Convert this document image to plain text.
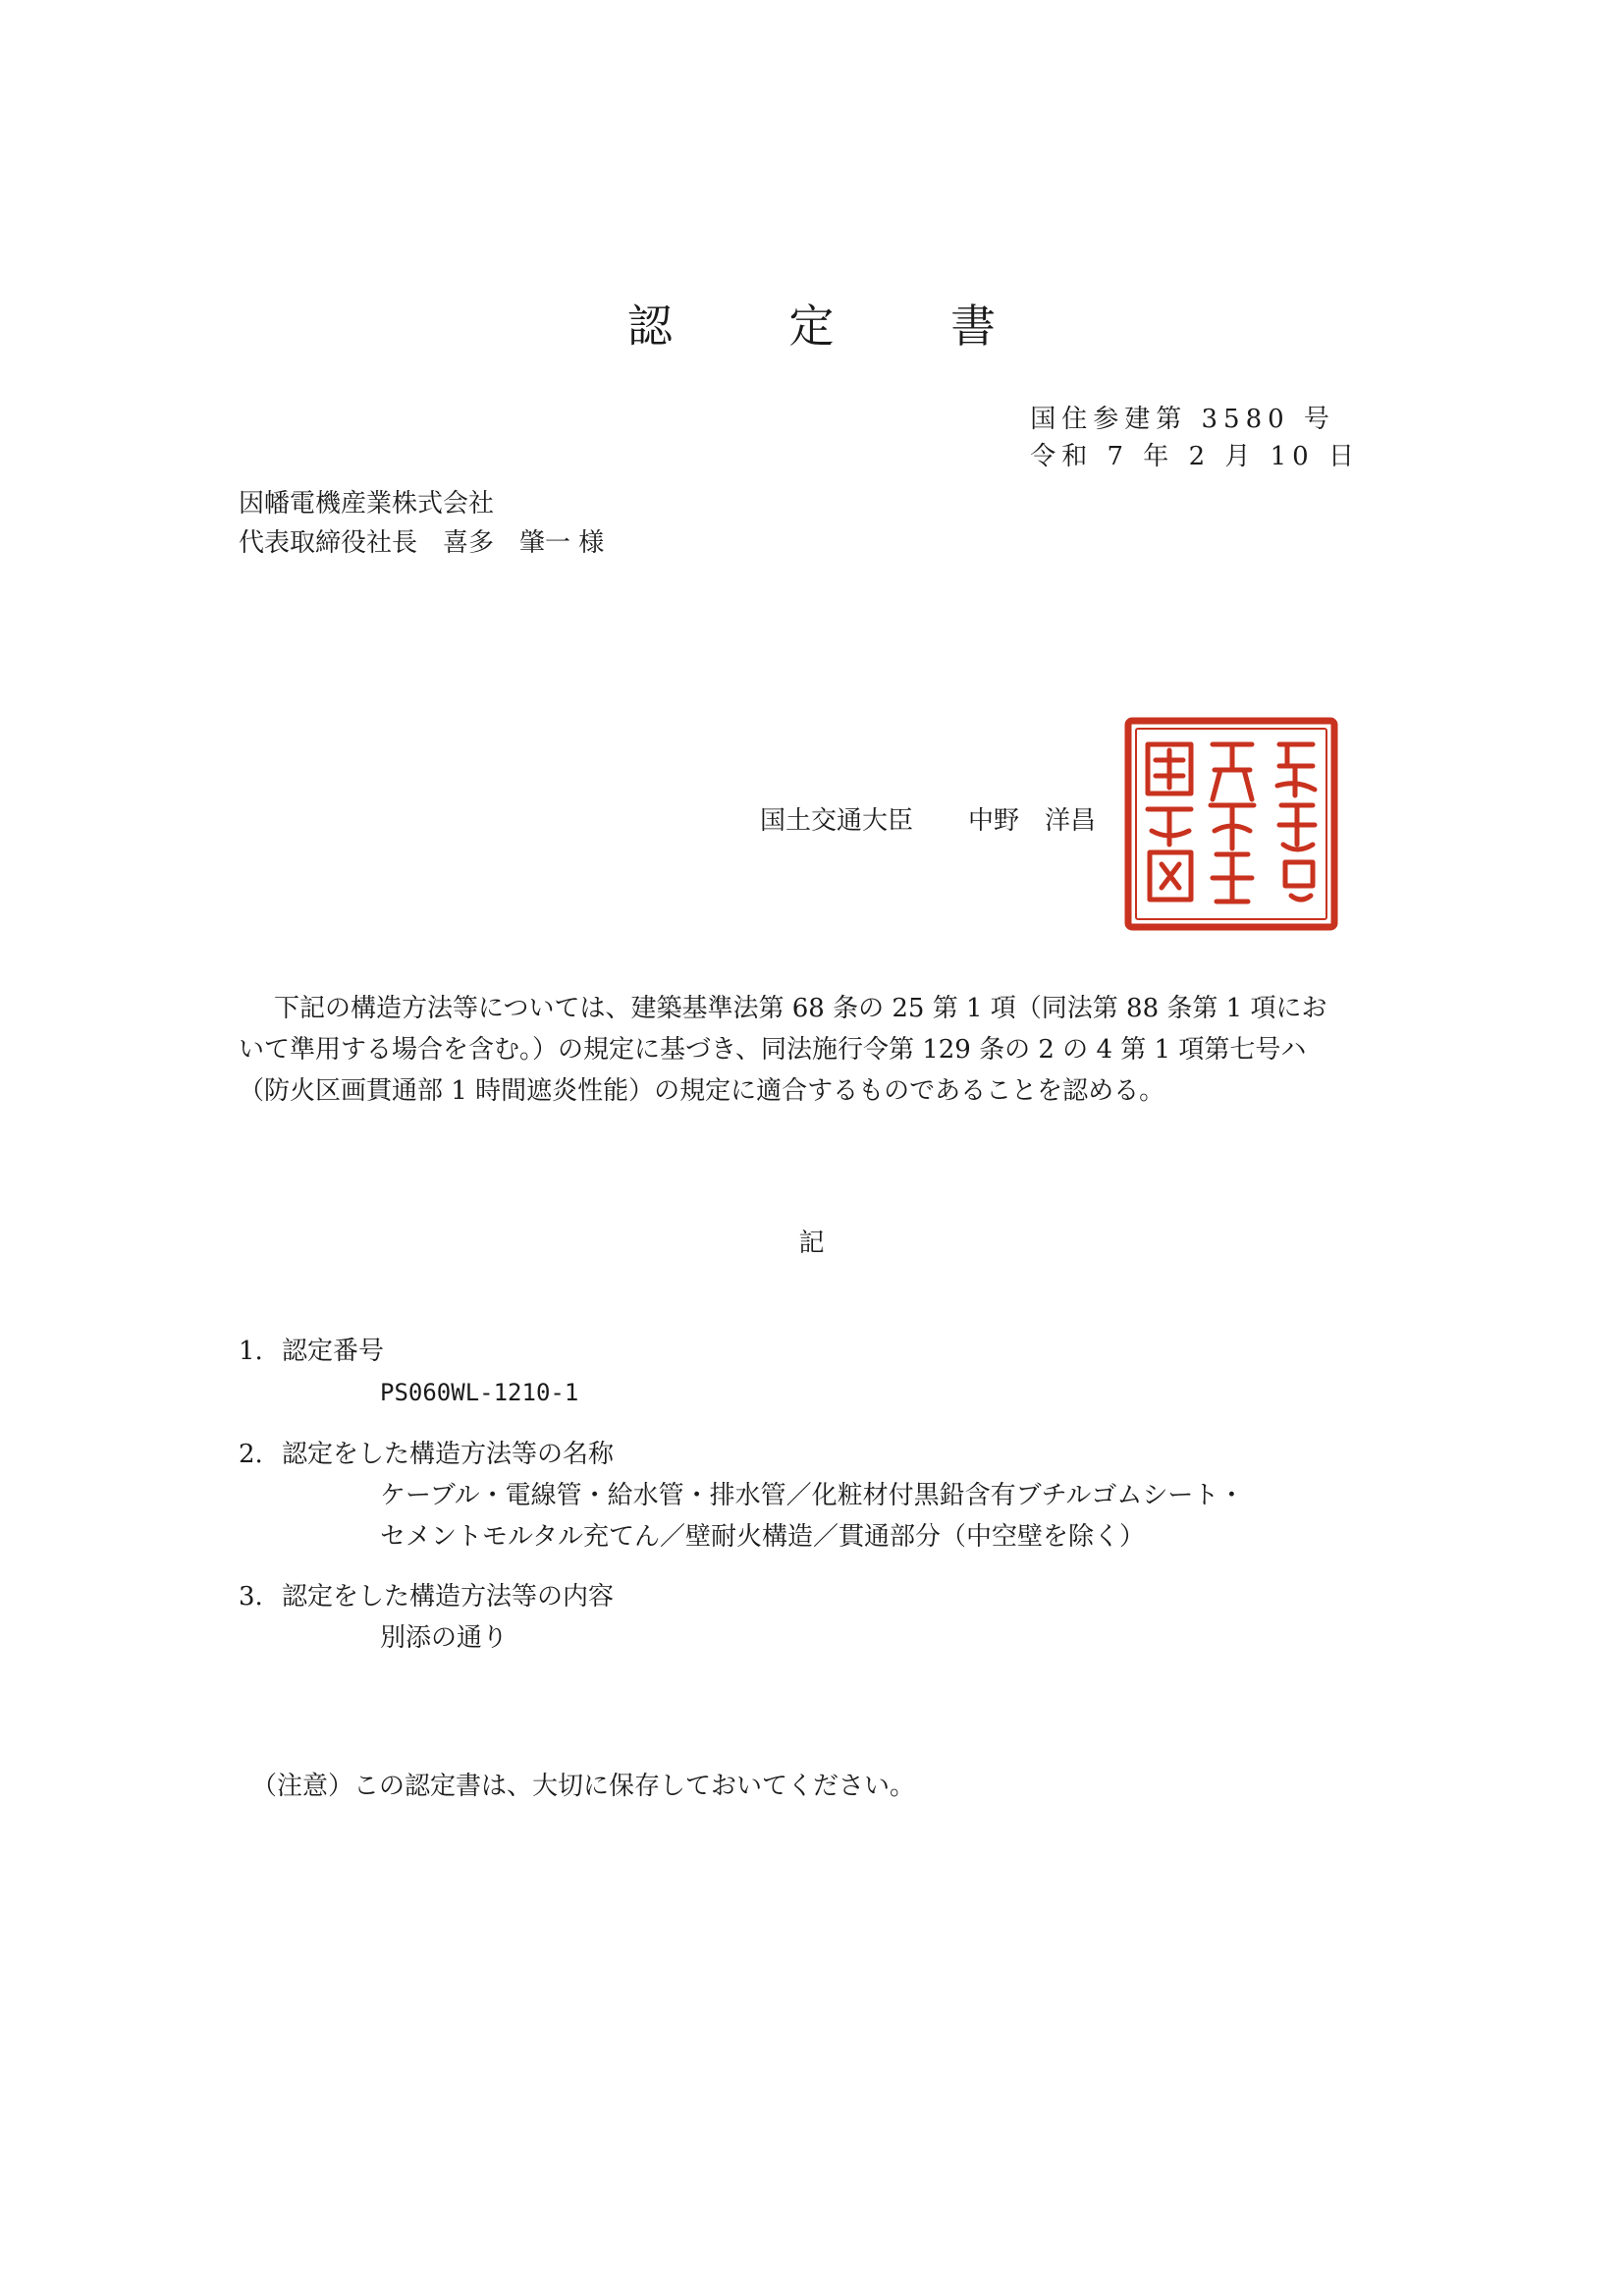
認 定 書
国住参建第 3580 号
令和 7 年 2 月 10 日
因幡電機産業株式会社
代表取締役社長　喜多　肇一 様
国土交通大臣 中野　洋昌

下記の構造方法等については、建築基準法第 68 条の 25 第 1 項（同法第 88 条第 1 項にお

いて準用する場合を含む。）の規定に基づき、同法施行令第 129 条の 2 の 4 第 1 項第七号ハ

（防火区画貫通部 1 時間遮炎性能）の規定に適合するものであることを認める。

記
1. 認定番号
PS060WL-1210-1
2. 認定をした構造方法等の名称
ケーブル・電線管・給水管・排水管／化粧材付黒鉛含有ブチルゴムシート・
セメントモルタル充てん／壁耐火構造／貫通部分（中空壁を除く）
3. 認定をした構造方法等の内容
別添の通り
（注意）この認定書は、大切に保存しておいてください。
